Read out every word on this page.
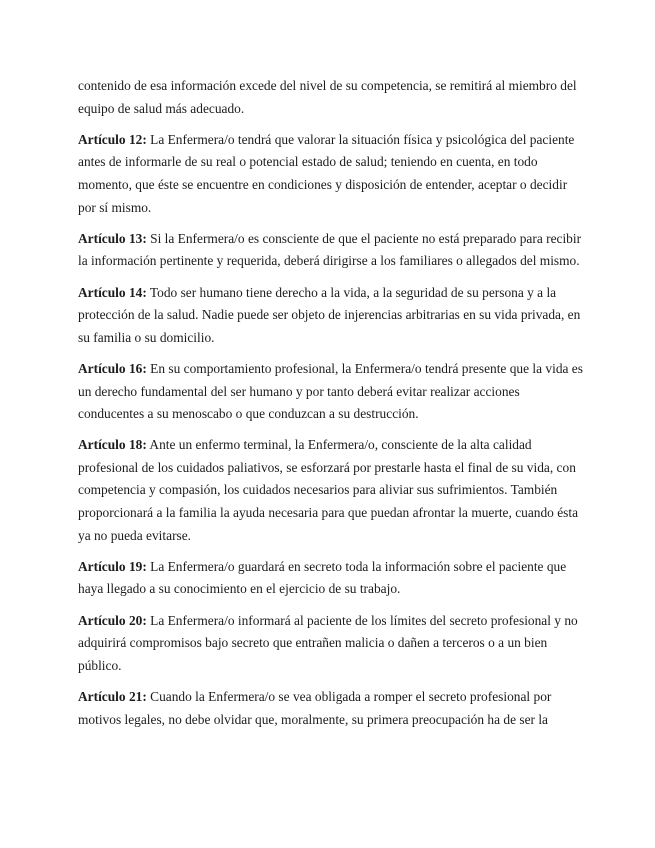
contenido de esa información excede del nivel de su competencia, se remitirá al miembro del equipo de salud más adecuado.

Artículo 12: La Enfermera/o tendrá que valorar la situación física y psicológica del paciente antes de informarle de su real o potencial estado de salud; teniendo en cuenta, en todo momento, que éste se encuentre en condiciones y disposición de entender, aceptar o decidir por sí mismo.

Artículo 13: Si la Enfermera/o es consciente de que el paciente no está preparado para recibir la información pertinente y requerida, deberá dirigirse a los familiares o allegados del mismo.

Artículo 14: Todo ser humano tiene derecho a la vida, a la seguridad de su persona y a la protección de la salud. Nadie puede ser objeto de injerencias arbitrarias en su vida privada, en su familia o su domicilio.

Artículo 16: En su comportamiento profesional, la Enfermera/o tendrá presente que la vida es un derecho fundamental del ser humano y por tanto deberá evitar realizar acciones conducentes a su menoscabo o que conduzcan a su destrucción.

Artículo 18: Ante un enfermo terminal, la Enfermera/o, consciente de la alta calidad profesional de los cuidados paliativos, se esforzará por prestarle hasta el final de su vida, con competencia y compasión, los cuidados necesarios para aliviar sus sufrimientos. También proporcionará a la familia la ayuda necesaria para que puedan afrontar la muerte, cuando ésta ya no pueda evitarse.

Artículo 19: La Enfermera/o guardará en secreto toda la información sobre el paciente que haya llegado a su conocimiento en el ejercicio de su trabajo.

Artículo 20: La Enfermera/o informará al paciente de los límites del secreto profesional y no adquirirá compromisos bajo secreto que entrañen malicia o dañen a terceros o a un bien público.

Artículo 21: Cuando la Enfermera/o se vea obligada a romper el secreto profesional por motivos legales, no debe olvidar que, moralmente, su primera preocupación ha de ser la
